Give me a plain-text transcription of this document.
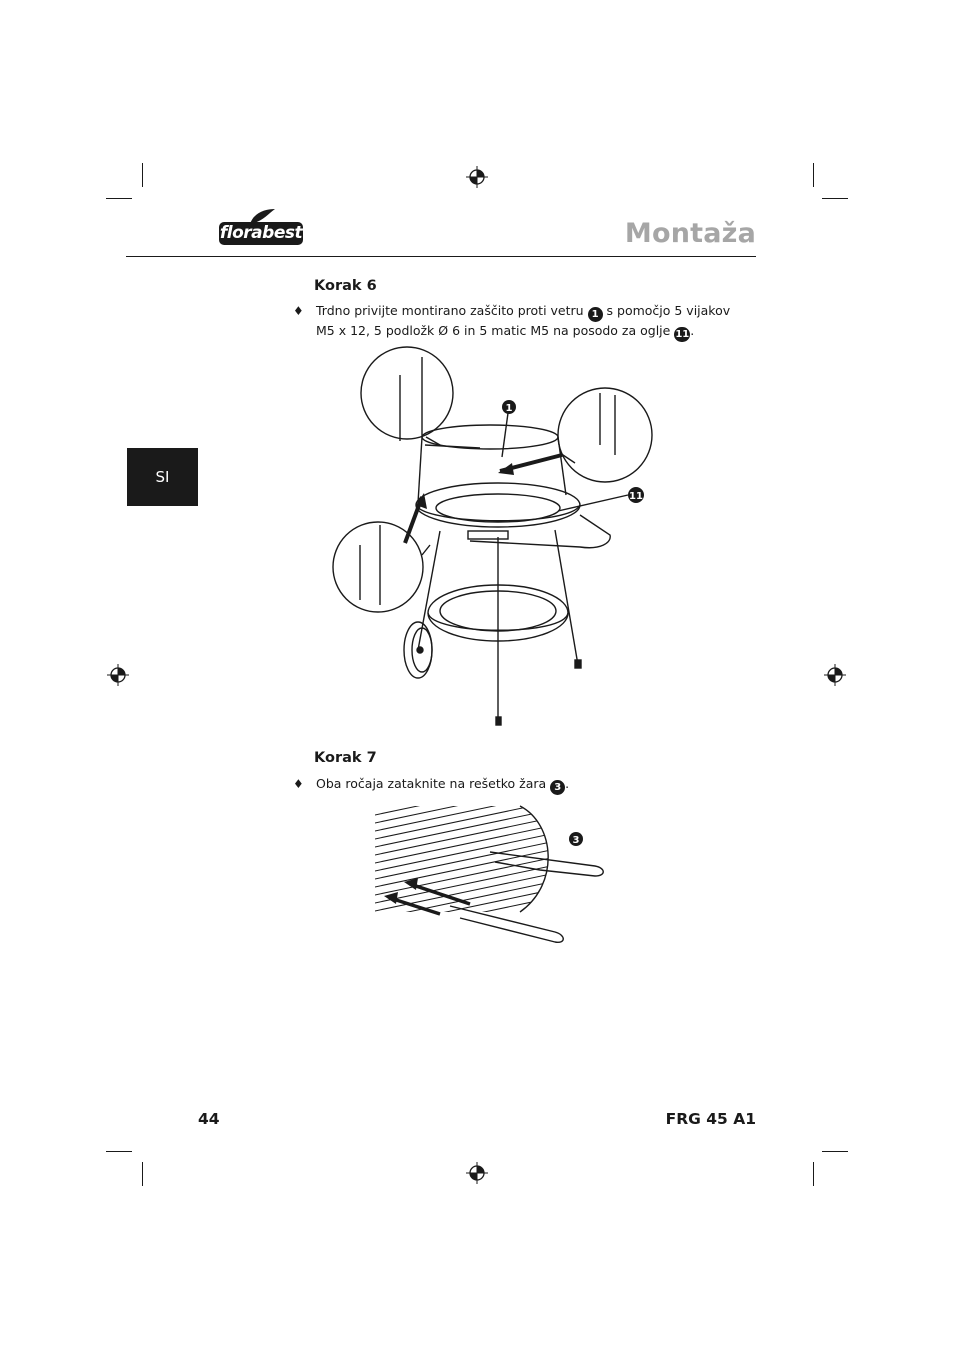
florabest	Montaža
SI
Korak 6
♦ Trdno privijte montirano zaščito proti vetru 1 s pomočjo 5 vijakov M5 x 12, 5 podložk Ø 6 in 5 matic M5 na posodo za oglje 11.
1
11
Korak 7
♦ Oba ročaja zataknite na rešetko žara 3 .
3
44	FRG 45 A1
